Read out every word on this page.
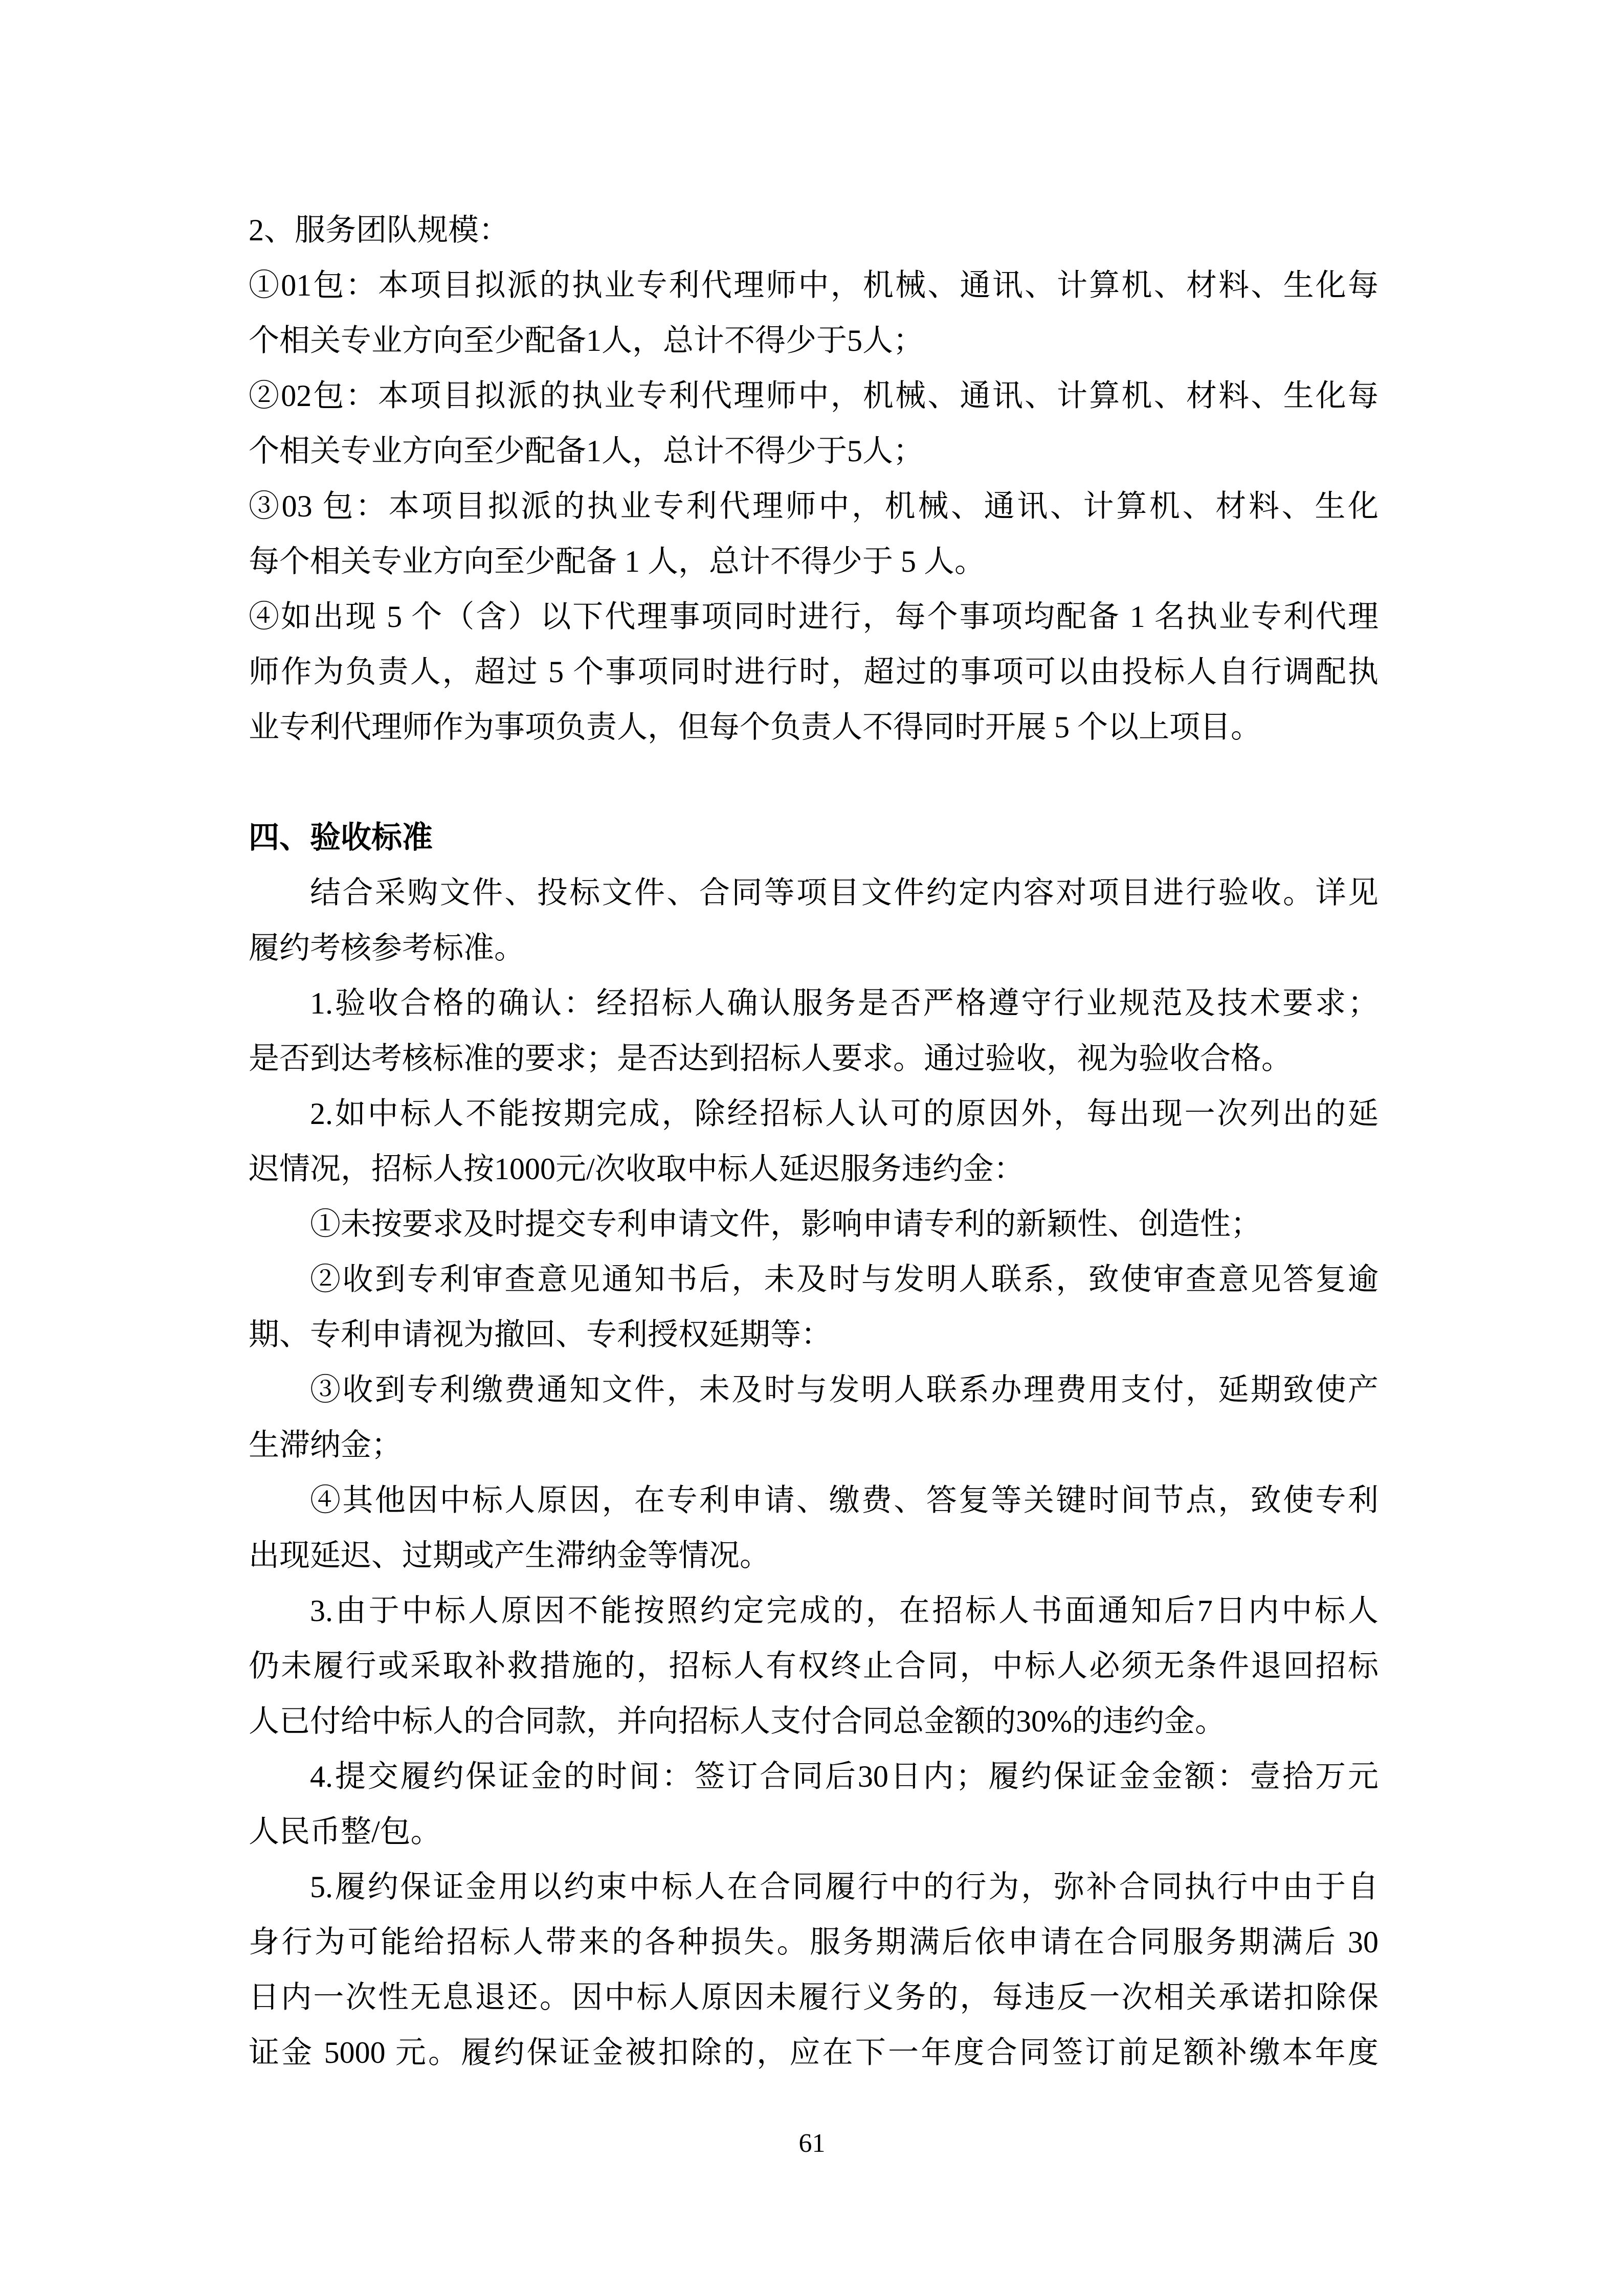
2、服务团队规模：
①01包：本项目拟派的执业专利代理师中，机械、通讯、计算机、材料、生化每
个相关专业方向至少配备1人，总计不得少于5人；
②02包：本项目拟派的执业专利代理师中，机械、通讯、计算机、材料、生化每
个相关专业方向至少配备1人，总计不得少于5人；
③03 包：本项目拟派的执业专利代理师中，机械、通讯、计算机、材料、生化
每个相关专业方向至少配备 1 人，总计不得少于 5 人。
④如出现 5 个（含）以下代理事项同时进行，每个事项均配备 1 名执业专利代理
师作为负责人，超过 5 个事项同时进行时，超过的事项可以由投标人自行调配执
业专利代理师作为事项负责人，但每个负责人不得同时开展 5 个以上项目。
四、验收标准
结合采购文件、投标文件、合同等项目文件约定内容对项目进行验收。详见
履约考核参考标准。
1.验收合格的确认：经招标人确认服务是否严格遵守行业规范及技术要求；
是否到达考核标准的要求；是否达到招标人要求。通过验收，视为验收合格。
2.如中标人不能按期完成，除经招标人认可的原因外，每出现一次列出的延
迟情况，招标人按1000元/次收取中标人延迟服务违约金：
①未按要求及时提交专利申请文件，影响申请专利的新颖性、创造性；
②收到专利审查意见通知书后，未及时与发明人联系，致使审查意见答复逾
期、专利申请视为撤回、专利授权延期等：
③收到专利缴费通知文件，未及时与发明人联系办理费用支付，延期致使产
生滞纳金；
④其他因中标人原因，在专利申请、缴费、答复等关键时间节点，致使专利
出现延迟、过期或产生滞纳金等情况。
3.由于中标人原因不能按照约定完成的，在招标人书面通知后7日内中标人
仍未履行或采取补救措施的，招标人有权终止合同，中标人必须无条件退回招标
人已付给中标人的合同款，并向招标人支付合同总金额的30%的违约金。
4.提交履约保证金的时间：签订合同后30日内；履约保证金金额：壹拾万元
人民币整/包。
5.履约保证金用以约束中标人在合同履行中的行为，弥补合同执行中由于自
身行为可能给招标人带来的各种损失。服务期满后依申请在合同服务期满后 30
日内一次性无息退还。因中标人原因未履行义务的，每违反一次相关承诺扣除保
证金 5000 元。履约保证金被扣除的，应在下一年度合同签订前足额补缴本年度
61
